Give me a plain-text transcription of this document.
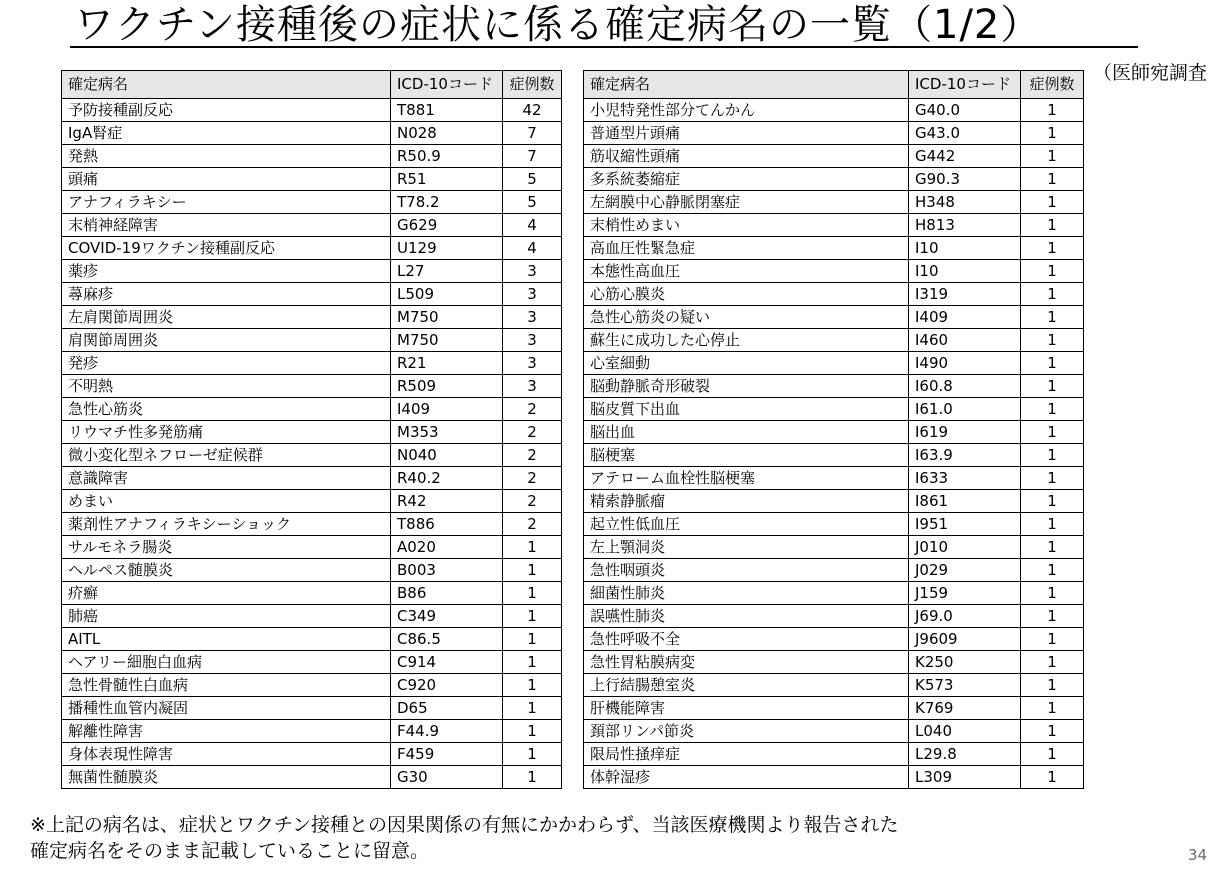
ワクチン接種後の症状に係る確定病名の一覧（1/2）
（医師宛調査
確定病名	ICD-10コード	症例数
予防接種副反応	T881	42
IgA腎症	N028	7
発熱	R50.9	7
頭痛	R51	5
アナフィラキシー	T78.2	5
末梢神経障害	G629	4
COVID-19ワクチン接種副反応	U129	4
薬疹	L27	3
蕁麻疹	L509	3
左肩関節周囲炎	M750	3
肩関節周囲炎	M750	3
発疹	R21	3
不明熱	R509	3
急性心筋炎	I409	2
リウマチ性多発筋痛	M353	2
微小変化型ネフローゼ症候群	N040	2
意識障害	R40.2	2
めまい	R42	2
薬剤性アナフィラキシーショック	T886	2
サルモネラ腸炎	A020	1
ヘルペス髄膜炎	B003	1
疥癬	B86	1
肺癌	C349	1
AITL	C86.5	1
ヘアリー細胞白血病	C914	1
急性骨髄性白血病	C920	1
播種性血管内凝固	D65	1
解離性障害	F44.9	1
身体表現性障害	F459	1
無菌性髄膜炎	G30	1
確定病名	ICD-10コード	症例数
小児特発性部分てんかん	G40.0	1
普通型片頭痛	G43.0	1
筋収縮性頭痛	G442	1
多系統萎縮症	G90.3	1
左網膜中心静脈閉塞症	H348	1
末梢性めまい	H813	1
高血圧性緊急症	I10	1
本態性高血圧	I10	1
心筋心膜炎	I319	1
急性心筋炎の疑い	I409	1
蘇生に成功した心停止	I460	1
心室細動	I490	1
脳動静脈奇形破裂	I60.8	1
脳皮質下出血	I61.0	1
脳出血	I619	1
脳梗塞	I63.9	1
アテローム血栓性脳梗塞	I633	1
精索静脈瘤	I861	1
起立性低血圧	I951	1
左上顎洞炎	J010	1
急性咽頭炎	J029	1
細菌性肺炎	J159	1
誤嚥性肺炎	J69.0	1
急性呼吸不全	J9609	1
急性胃粘膜病変	K250	1
上行結腸憩室炎	K573	1
肝機能障害	K769	1
頚部リンパ節炎	L040	1
限局性掻痒症	L29.8	1
体幹湿疹	L309	1
※上記の病名は、症状とワクチン接種との因果関係の有無にかかわらず、当該医療機関より報告された
確定病名をそのまま記載していることに留意。	34
